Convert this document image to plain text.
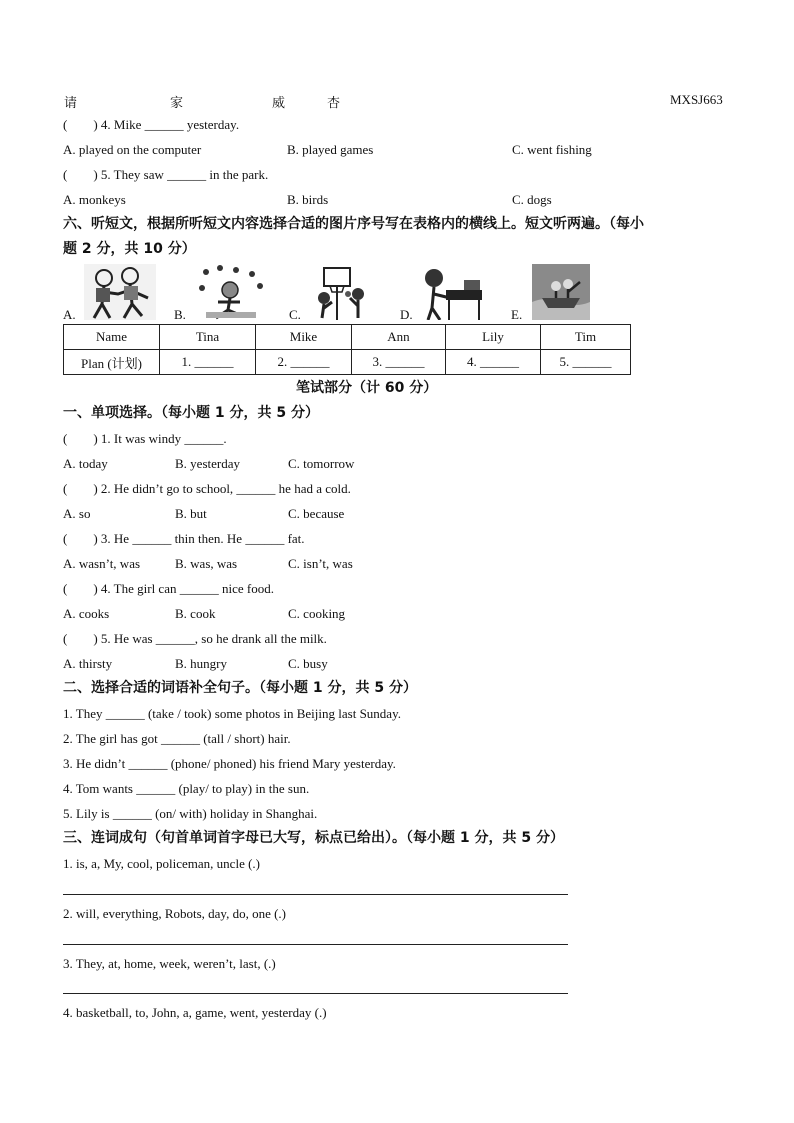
请	家	威	杏	MXSJ663
(　　) 4. Mike ______ yesterday.
A. played on the computer	B. played games	C. went fishing
(　　) 5. They saw ______ in the park.
A. monkeys	B. birds	C. dogs
六、听短文，根据所听短文内容选择合适的图片序号写在表格内的横线上。短文听两遍。（每小
题 2 分，共 10 分）
A.	B.	C.	D.	E.
Name	Tina	Mike	Ann	Lily	Tim
Plan (计划)	1. ______	2. ______	3. ______	4. ______	5. ______
笔试部分（计 60 分）
一、单项选择。（每小题 1 分，共 5 分）
(　　) 1. It was windy ______.
A. today	B. yesterday	C. tomorrow
(　　) 2. He didn’t go to school, ______ he had a cold.
A. so	B. but	C. because
(　　) 3. He ______ thin then. He ______ fat.
A. wasn’t, was	B. was, was	C. isn’t, was
(　　) 4. The girl can ______ nice food.
A. cooks	B. cook	C. cooking
(　　) 5. He was ______, so he drank all the milk.
A. thirsty	B. hungry	C. busy
二、选择合适的词语补全句子。（每小题 1 分，共 5 分）
1. They ______ (take / took) some photos in Beijing last Sunday.
2. The girl has got ______ (tall / short) hair.
3. He didn’t ______ (phone/ phoned) his friend Mary yesterday.
4. Tom wants ______ (play/ to play) in the sun.
5. Lily is ______ (on/ with) holiday in Shanghai.
三、连词成句（句首单词首字母已大写，标点已给出）。（每小题 1 分，共 5 分）
1. is, a, My, cool, policeman, uncle (.)
2. will, everything, Robots, day, do, one (.)
3. They, at, home, week, weren’t, last, (.)
4. basketball, to, John, a, game, went, yesterday (.)
